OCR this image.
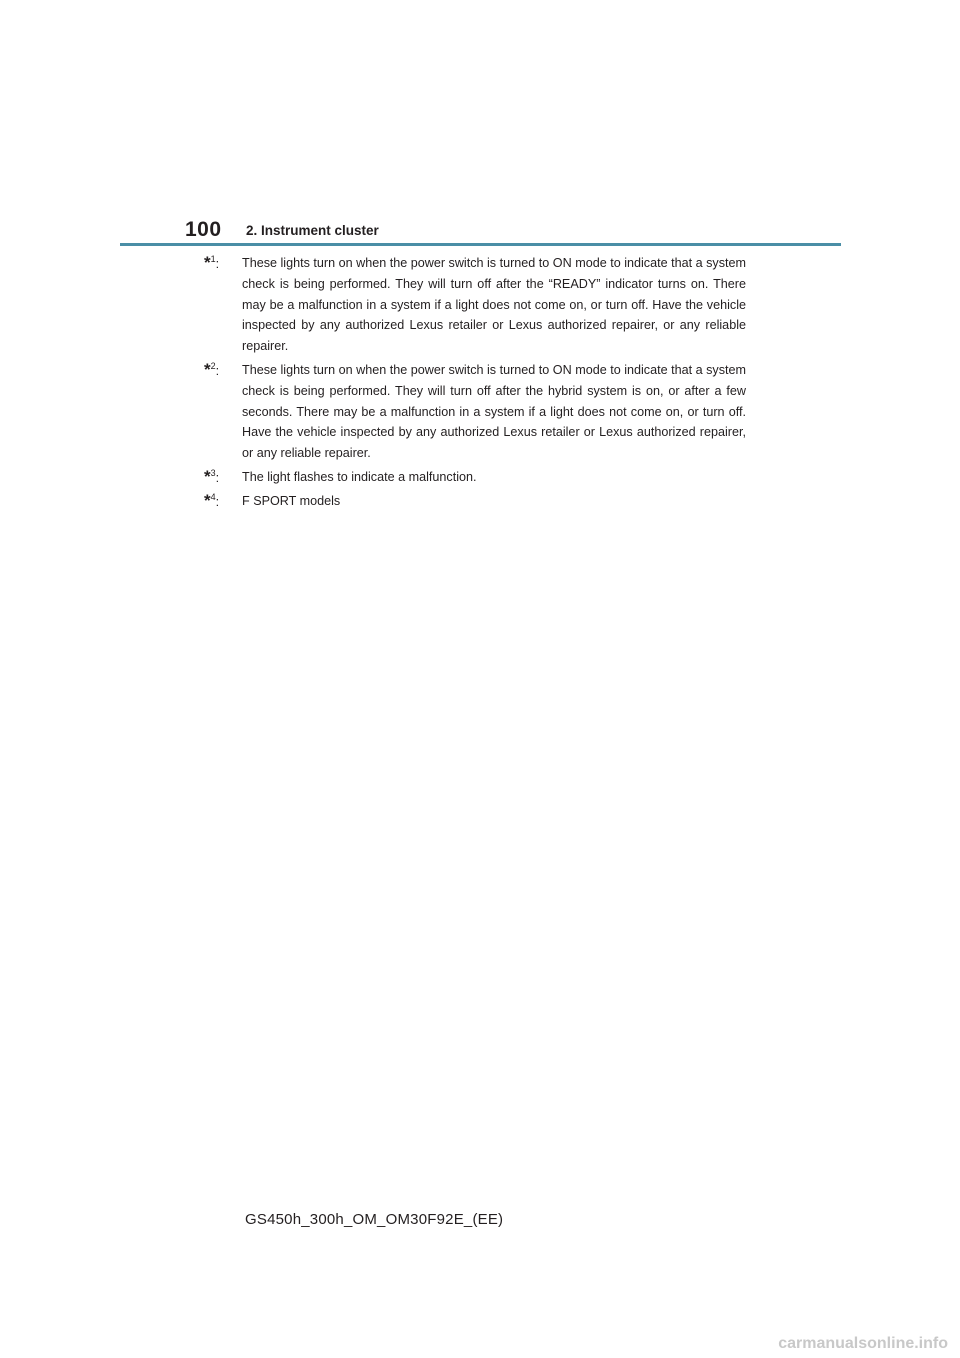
100 2. Instrument cluster
*$^1$:	These lights turn on when the power switch is turned to ON mode to indicate that a system check is being performed. They will turn off after the “READY” indicator turns on. There may be a malfunction in a system if a light does not come on, or turn off. Have the vehicle inspected by any authorized Lexus retailer or Lexus authorized repairer, or any reliable repairer.
*$^2$:	These lights turn on when the power switch is turned to ON mode to indicate that a system check is being performed. They will turn off after the hybrid system is on, or after a few seconds. There may be a malfunction in a system if a light does not come on, or turn off. Have the vehicle inspected by any authorized Lexus retailer or Lexus authorized repairer, or any reliable repairer.
*$^3$:	The light flashes to indicate a malfunction.
*$^4$:	F SPORT models
GS450h_300h_OM_OM30F92E_(EE)
carmanualsonline.info
